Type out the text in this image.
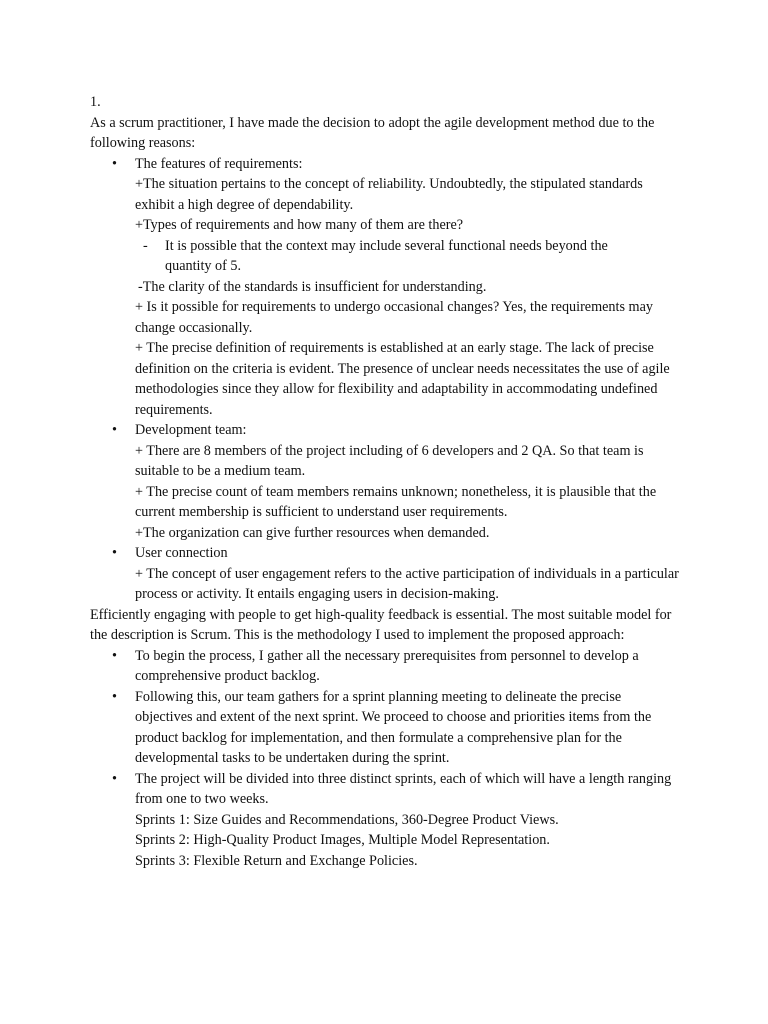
1.

As a scrum practitioner, I have made the decision to adopt the agile development method due to the following reasons:

• The features of requirements:

+The situation pertains to the concept of reliability. Undoubtedly, the stipulated standards exhibit a high degree of dependability.

+Types of requirements and how many of them are there?

- It is possible that the context may include several functional needs beyond the quantity of 5.

-The clarity of the standards is insufficient for understanding.

+ Is it possible for requirements to undergo occasional changes? Yes, the requirements may change occasionally.

+ The precise definition of requirements is established at an early stage. The lack of precise definition on the criteria is evident. The presence of unclear needs necessitates the use of agile methodologies since they allow for flexibility and adaptability in accommodating undefined requirements.

• Development team:

+ There are 8 members of the project including of 6 developers and 2 QA. So that team is suitable to be a medium team.

+ The precise count of team members remains unknown; nonetheless, it is plausible that the current membership is sufficient to understand user requirements.

+The organization can give further resources when demanded.

• User connection

+ The concept of user engagement refers to the active participation of individuals in a particular process or activity. It entails engaging users in decision-making.

Efficiently engaging with people to get high-quality feedback is essential. The most suitable model for the description is Scrum. This is the methodology I used to implement the proposed approach:

• To begin the process, I gather all the necessary prerequisites from personnel to develop a comprehensive product backlog.
• Following this, our team gathers for a sprint planning meeting to delineate the precise objectives and extent of the next sprint. We proceed to choose and priorities items from the product backlog for implementation, and then formulate a comprehensive plan for the developmental tasks to be undertaken during the sprint.
• The project will be divided into three distinct sprints, each of which will have a length ranging from one to two weeks.

Sprints 1: Size Guides and Recommendations, 360-Degree Product Views.

Sprints 2: High-Quality Product Images, Multiple Model Representation.

Sprints 3: Flexible Return and Exchange Policies.
